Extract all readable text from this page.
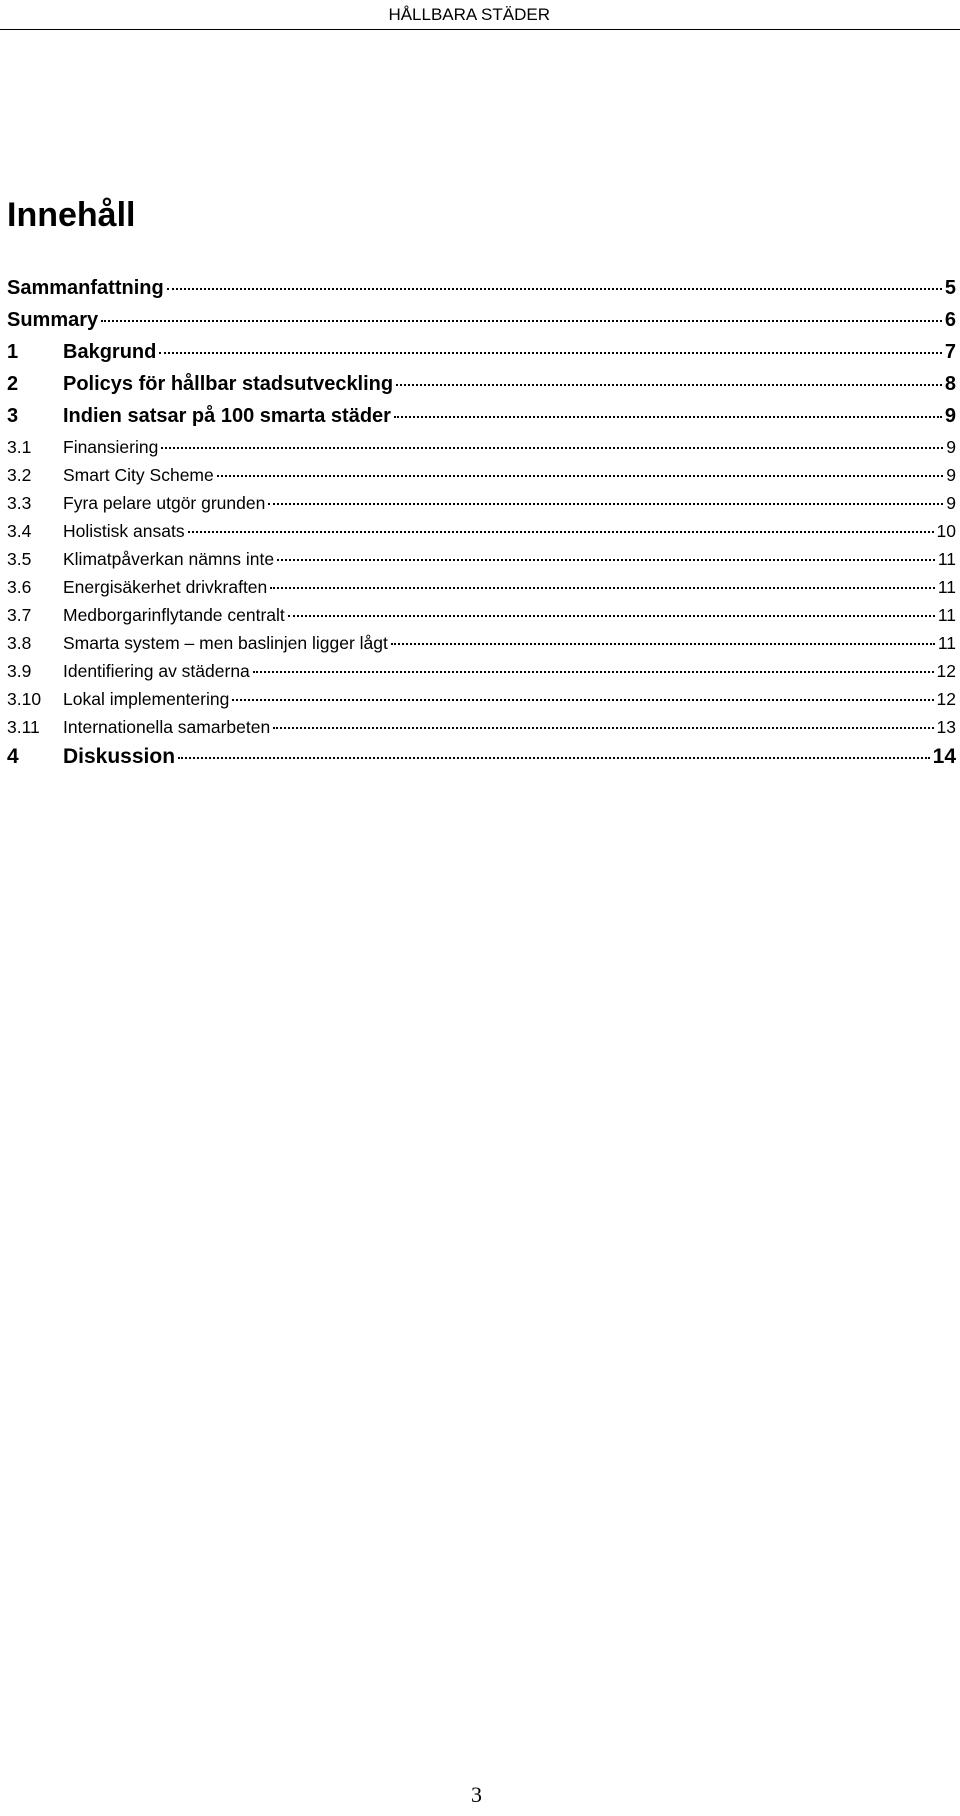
HÅLLBARA STÄDER
Innehåll
Sammanfattning	5
Summary	6
1	Bakgrund	7
2	Policys för hållbar stadsutveckling	8
3	Indien satsar på 100 smarta städer	9
3.1	Finansiering	9
3.2	Smart City Scheme	9
3.3	Fyra pelare utgör grunden	9
3.4	Holistisk ansats	10
3.5	Klimatpåverkan nämns inte	11
3.6	Energisäkerhet drivkraften	11
3.7	Medborgarinflytande centralt	11
3.8	Smarta system – men baslinjen ligger lågt	11
3.9	Identifiering av städerna	12
3.10	Lokal implementering	12
3.11	Internationella samarbeten	13
4	Diskussion	14
3
